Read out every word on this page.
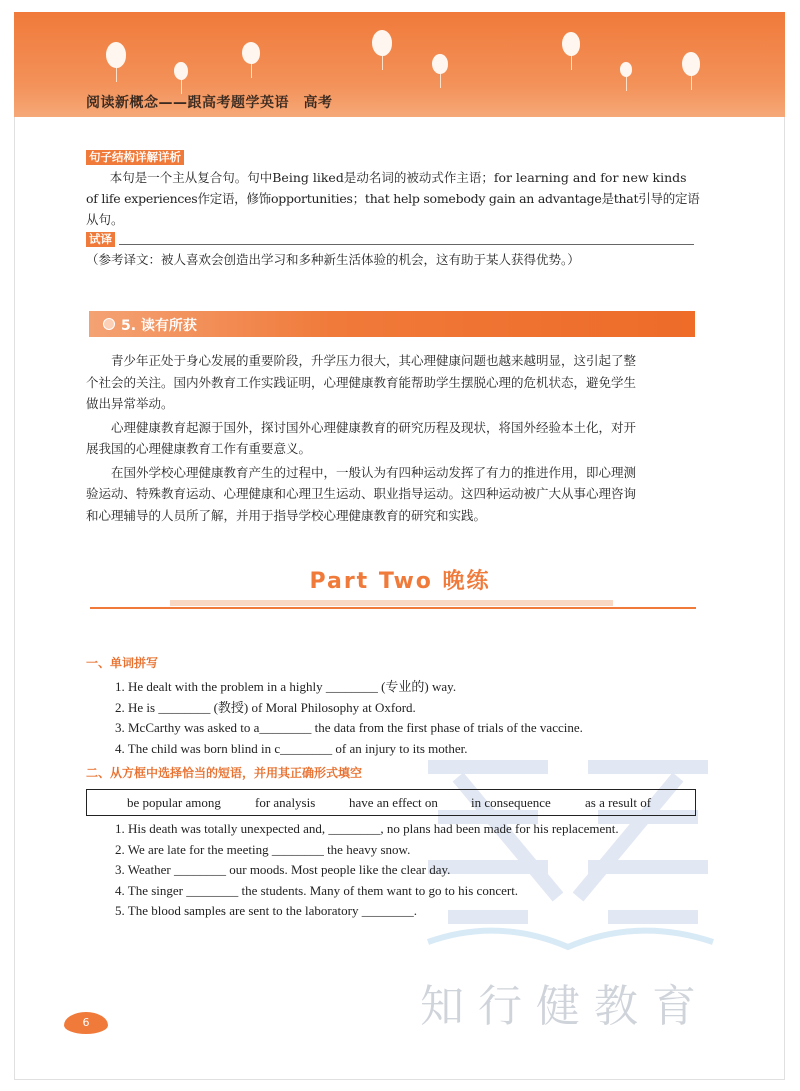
阅读新概念——跟高考题学英语　高考
句子结构详解详析

本句是一个主从复合句。句中Being liked是动名词的被动式作主语；for learning and for new kinds

of life experiences作定语，修饰opportunities；that help somebody gain an advantage是that引导的定语

从句。

试译

（参考译文：被人喜欢会创造出学习和多种新生活体验的机会，这有助于某人获得优势。）

5. 读有所获

青少年正处于身心发展的重要阶段，升学压力很大，其心理健康问题也越来越明显，这引起了整
个社会的关注。国内外教育工作实践证明，心理健康教育能帮助学生摆脱心理的危机状态，避免学生
做出异常举动。

心理健康教育起源于国外，探讨国外心理健康教育的研究历程及现状，将国外经验本土化，对开
展我国的心理健康教育工作有重要意义。

在国外学校心理健康教育产生的过程中，一般认为有四种运动发挥了有力的推进作用，即心理测
验运动、特殊教育运动、心理健康和心理卫生运动、职业指导运动。这四种运动被广大从事心理咨询
和心理辅导的人员所了解，并用于指导学校心理健康教育的研究和实践。

Part Two 晚练
知行健教育
一、单词拼写
1. He dealt with the problem in a highly ________ (专业的) way.
2. He is ________ (教授) of Moral Philosophy at Oxford.
3. McCarthy was asked to a________ the data from the first phase of trials of the vaccine.
4. The child was born blind in c________ of an injury to its mother.
二、从方框中选择恰当的短语，并用其正确形式填空
be popular among	for analysis	have an effect on	in consequence	as a result of
1. His death was totally unexpected and, ________, no plans had been made for his replacement.
2. We are late for the meeting ________ the heavy snow.
3. Weather ________ our moods. Most people like the clear day.
4. The singer ________ the students. Many of them want to go to his concert.
5. The blood samples are sent to the laboratory ________.
6
